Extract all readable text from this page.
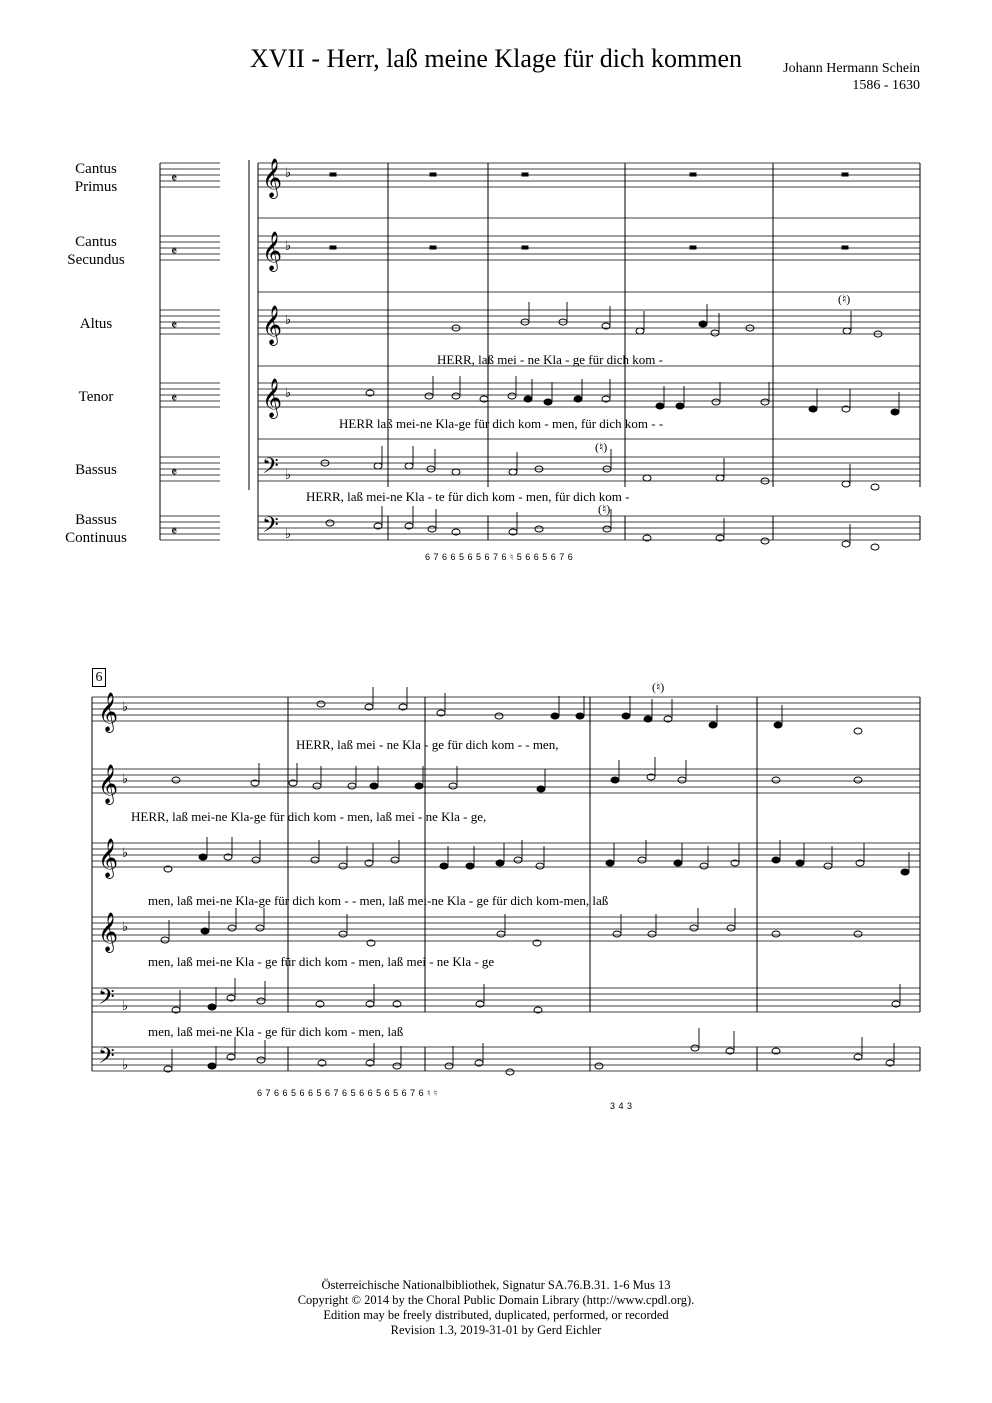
XVII - Herr, laß meine Klage für dich kommen	Johann Hermann Schein
1586 - 1630
Cantus
Primus
Cantus
Secundus
Altus
Tenor
Bassus
Bassus
Continuus
𝄞 ♭
𝄵
𝄞 ♭
𝄵
𝄞 ♭
𝄵
𝄞 ♭
𝄵
𝄢 ♭
𝄵
𝄢 ♭
𝄵
𝄞 ♭
𝄞 ♭
𝄞 ♭
𝄞 ♭
𝄢 ♭
𝄢 ♭
HERR, laß mei - ne Kla - ge für dich kom -
HERR laß mei-ne Kla-ge für dich kom - men, für dich kom - -
HERR, laß mei-ne Kla - te für dich kom - men, für dich kom -
6 7 6 6 5 6 5 6 7 6 ♮ 5 6 6 5 6 7 6
(♮)
(♮)
(♮)
6
HERR, laß mei - ne Kla - ge für dich kom - - men,
HERR, laß mei-ne Kla-ge für dich kom - men, laß mei - ne Kla - ge,
men, laß mei-ne Kla-ge für dich kom - - men, laß mei-ne Kla - ge für dich kom-men, laß
men, laß mei-ne Kla - ge für dich kom - men, laß mei - ne Kla - ge
men, laß mei-ne Kla - ge für dich kom - men, laß
6 7 6 6 5 6 6 5 6 7 6 5 6 6 5 6 5 6 7 6 ♮ ♮
3 4 3
(♮)
Österreichische Nationalbibliothek, Signatur SA.76.B.31. 1-6 Mus 13
Copyright © 2014 by the Choral Public Domain Library (http://www.cpdl.org).
Edition may be freely distributed, duplicated, performed, or recorded
Revision 1.3, 2019-31-01 by Gerd Eichler
